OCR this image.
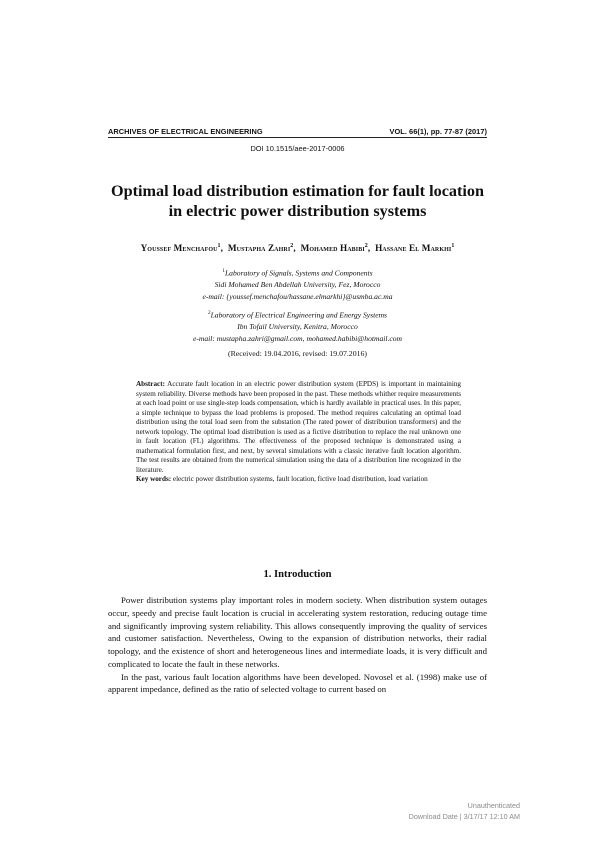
ARCHIVES OF ELECTRICAL ENGINEERING	VOL. 66(1), pp. 77-87 (2017)
DOI 10.1515/aee-2017-0006
Optimal load distribution estimation for fault location
in electric power distribution systems
Youssef Menchafou$^1$,  Mustapha Zahri$^2$,  Mohamed Habibi$^2$,  Hassane El Markhi$^1$
$^1$Laboratory of Signals, Systems and Components
Sidi Mohamed Ben Abdellah University, Fez, Morocco
e-mail: {youssef.menchafou/hassane.elmarkhi}@usmba.ac.ma
$^2$Laboratory of Electrical Engineering and Energy Systems
Ibn Tofail University, Kenitra, Morocco
e-mail: mustapha.zahri@gmail.com, mohamed.habibi@hotmail.com
(Received: 19.04.2016, revised: 19.07.2016)

Abstract: Accurate fault location in an electric power distribution system (EPDS) is important in maintaining system reliability. Diverse methods have been proposed in the past. These methods whither require measurements at each load point or use single-step loads compensation, which is hardly available in practical uses. In this paper, a simple technique to bypass the load problems is proposed. The method requires calculating an optimal load distribution using the total load seen from the substation (The rated power of distribution transformers) and the network topology. The optimal load distribution is used as a fictive distribution to replace the real unknown one in fault location (FL) algorithms. The effectiveness of the proposed technique is demonstrated using a mathematical formulation first, and next, by several simulations with a classic iterative fault location algorithm. The test results are obtained from the numerical simulation using the data of a distribution line recognized in the literature.

Key words: electric power distribution systems, fault location, fictive load distribution, load variation

1. Introduction

Power distribution systems play important roles in modern society. When distribution system outages occur, speedy and precise fault location is crucial in accelerating system restoration, reducing outage time and significantly improving system reliability. This allows consequently improving the quality of services and customer satisfaction. Nevertheless, Owing to the expansion of distribution networks, their radial topology, and the existence of short and heterogeneous lines and intermediate loads, it is very difficult and complicated to locate the fault in these networks.

In the past, various fault location algorithms have been developed. Novosel et al. (1998) make use of apparent impedance, defined as the ratio of selected voltage to current based on

Unauthenticated
Download Date | 3/17/17 12:10 AM
